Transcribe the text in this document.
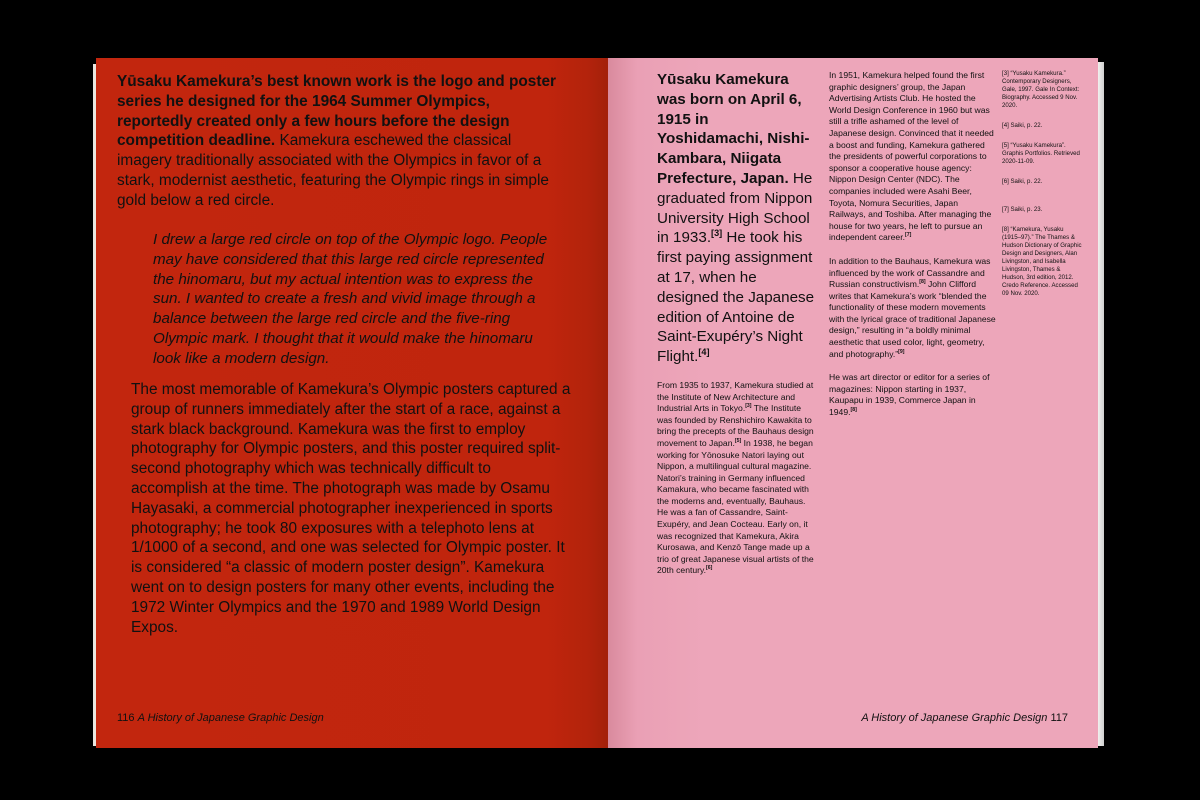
Yūsaku Kamekura’s best known work is the logo and poster series he designed for the 1964 Summer Olympics, reportedly created only a few hours before the design competition deadline. Kamekura eschewed the classical imagery traditionally associated with the Olympics in favor of a stark, modernist aesthetic, featuring the Olympic rings in simple gold below a red circle.

I drew a large red circle on top of the Olympic logo. People may have considered that this large red circle represented the hinomaru, but my actual intention was to express the sun. I wanted to create a fresh and vivid image through a balance between the large red circle and the five-ring Olympic mark. I thought that it would make the hinomaru look like a modern design.

The most memorable of Kamekura’s Olympic posters captured a group of runners immediately after the start of a race, against a stark black background. Kamekura was the first to employ photography for Olympic posters, and this poster required split-second photography which was technically difficult to accomplish at the time. The photograph was made by Osamu Hayasaki, a commercial photographer inexperienced in sports photography; he took 80 exposures with a telephoto lens at 1/1000 of a second, and one was selected for Olympic poster. It is considered “a classic of modern poster design”. Kamekura went on to design posters for many other events, including the 1972 Winter Olympics and the 1970 and 1989 World Design Expos.

116 A History of Japanese Graphic Design

Yūsaku Kamekura was born on April 6, 1915 in Yoshidamachi, Nishi-Kambara, Niigata Prefecture, Japan. He graduated from Nippon University High School in 1933.[3] He took his first paying assignment at 17, when he designed the Japanese edition of Antoine de Saint-Exupéry’s Night Flight.[4]

From 1935 to 1937, Kamekura studied at the Institute of New Architecture and Industrial Arts in Tokyo.[3] The Institute was founded by Renshichiro Kawakita to bring the precepts of the Bauhaus design movement to Japan.[5] In 1938, he began working for Yōnosuke Natori laying out Nippon, a multilingual cultural magazine. Natori’s training in Germany influenced Kamakura, who became fascinated with the moderns and, eventually, Bauhaus. He was a fan of Cassandre, Saint-Exupéry, and Jean Cocteau. Early on, it was recognized that Kamekura, Akira Kurosawa, and Kenzō Tange made up a trio of great Japanese visual artists of the 20th century.[6]

In 1951, Kamekura helped found the first graphic designers’ group, the Japan Advertising Artists Club. He hosted the World Design Conference in 1960 but was still a trifle ashamed of the level of Japanese design. Convinced that it needed a boost and funding, Kamekura gathered the presidents of powerful corporations to sponsor a cooperative house agency: Nippon Design Center (NDC). The companies included were Asahi Beer, Toyota, Nomura Securities, Japan Railways, and Toshiba. After managing the house for two years, he left to pursue an independent career.[7]

In addition to the Bauhaus, Kamekura was influenced by the work of Cassandre and Russian constructivism.[8] John Clifford writes that Kamekura’s work “blended the functionality of these modern movements with the lyrical grace of traditional Japanese design,” resulting in “a boldly minimal aesthetic that used color, light, geometry, and photography.”[9]

He was art director or editor for a series of magazines: Nippon starting in 1937, Kaupapu in 1939, Commerce Japan in 1949.[8]

[3] “Yusaku Kamekura.” Contemporary Designers, Gale, 1997. Gale In Context: Biography. Accessed 9 Nov. 2020.

[4] Saiki, p. 22.

[5] “Yusaku Kamekura”. Graphis Portfolios. Retrieved 2020-11-09.

[6] Saiki, p. 22.

[7] Saiki, p. 23.

[8] “Kamekura, Yusaku (1915–97).” The Thames & Hudson Dictionary of Graphic Design and Designers, Alan Livingston, and Isabella Livingston, Thames & Hudson, 3rd edition, 2012. Credo Reference. Accessed 09 Nov. 2020.

A History of Japanese Graphic Design 117
